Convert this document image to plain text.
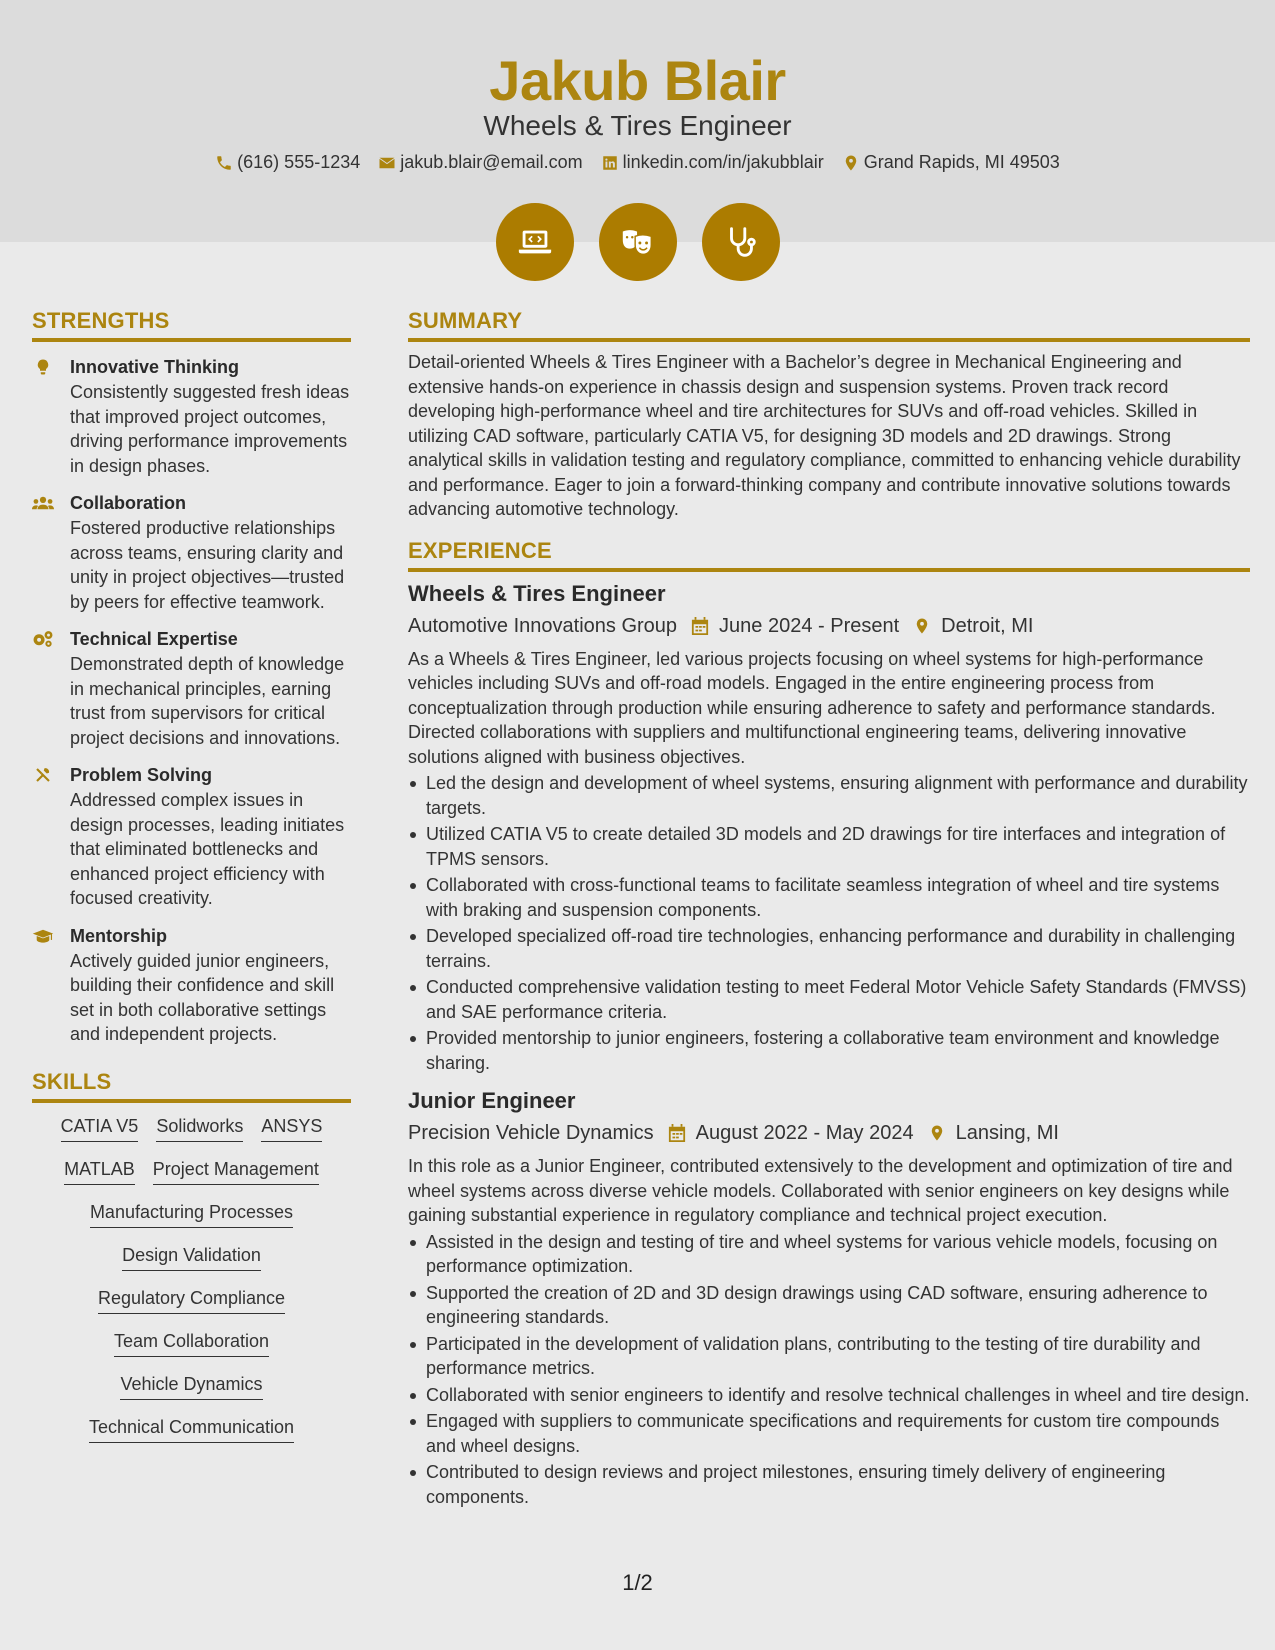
Jakub Blair
Wheels & Tires Engineer
(616) 555-1234 jakub.blair@email.com linkedin.com/in/jakubblair Grand Rapids, MI 49503
STRENGTHS
Innovative Thinking
Consistently suggested fresh ideas that improved project outcomes, driving performance improvements in design phases.
Collaboration
Fostered productive relationships across teams, ensuring clarity and unity in project objectives—trusted by peers for effective teamwork.
Technical Expertise
Demonstrated depth of knowledge in mechanical principles, earning trust from supervisors for critical project decisions and innovations.
Problem Solving
Addressed complex issues in design processes, leading initiates that eliminated bottlenecks and enhanced project efficiency with focused creativity.
Mentorship
Actively guided junior engineers, building their confidence and skill set in both collaborative settings and independent projects.
SKILLS
CATIA V5 Solidworks ANSYS
MATLAB Project Management
Manufacturing Processes
Design Validation
Regulatory Compliance
Team Collaboration
Vehicle Dynamics
Technical Communication
SUMMARY
Detail-oriented Wheels & Tires Engineer with a Bachelor’s degree in Mechanical Engineering and extensive hands-on experience in chassis design and suspension systems. Proven track record developing high-performance wheel and tire architectures for SUVs and off-road vehicles. Skilled in utilizing CAD software, particularly CATIA V5, for designing 3D models and 2D drawings. Strong analytical skills in validation testing and regulatory compliance, committed to enhancing vehicle durability and performance. Eager to join a forward-thinking company and contribute innovative solutions towards advancing automotive technology.
EXPERIENCE
Wheels & Tires Engineer
Automotive Innovations Group June 2024 - Present Detroit, MI
As a Wheels & Tires Engineer, led various projects focusing on wheel systems for high-performance vehicles including SUVs and off-road models. Engaged in the entire engineering process from conceptualization through production while ensuring adherence to safety and performance standards. Directed collaborations with suppliers and multifunctional engineering teams, delivering innovative solutions aligned with business objectives.
Led the design and development of wheel systems, ensuring alignment with performance and durability targets.
Utilized CATIA V5 to create detailed 3D models and 2D drawings for tire interfaces and integration of TPMS sensors.
Collaborated with cross-functional teams to facilitate seamless integration of wheel and tire systems with braking and suspension components.
Developed specialized off-road tire technologies, enhancing performance and durability in challenging terrains.
Conducted comprehensive validation testing to meet Federal Motor Vehicle Safety Standards (FMVSS) and SAE performance criteria.
Provided mentorship to junior engineers, fostering a collaborative team environment and knowledge sharing.
Junior Engineer
Precision Vehicle Dynamics August 2022 - May 2024 Lansing, MI
In this role as a Junior Engineer, contributed extensively to the development and optimization of tire and wheel systems across diverse vehicle models. Collaborated with senior engineers on key designs while gaining substantial experience in regulatory compliance and technical project execution.
Assisted in the design and testing of tire and wheel systems for various vehicle models, focusing on performance optimization.
Supported the creation of 2D and 3D design drawings using CAD software, ensuring adherence to engineering standards.
Participated in the development of validation plans, contributing to the testing of tire durability and performance metrics.
Collaborated with senior engineers to identify and resolve technical challenges in wheel and tire design.
Engaged with suppliers to communicate specifications and requirements for custom tire compounds and wheel designs.
Contributed to design reviews and project milestones, ensuring timely delivery of engineering components.
1/2
